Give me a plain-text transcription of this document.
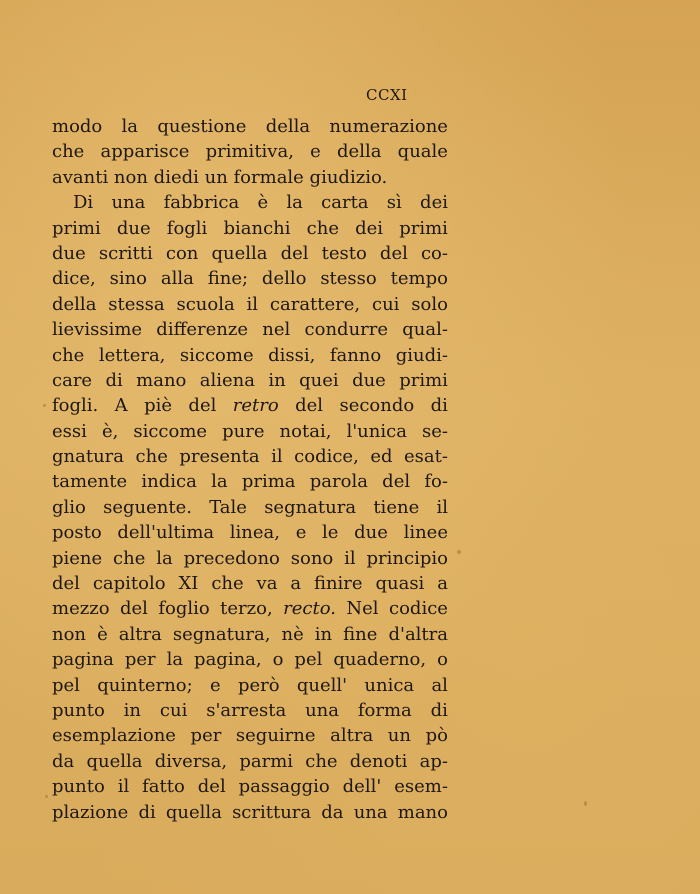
CCXI
modo la questione della numerazione
che apparisce primitiva, e della quale
avanti non diedi un formale giudizio.
Di una fabbrica è la carta sì dei
primi due fogli bianchi che dei primi
due scritti con quella del testo del co-
dice, sino alla fine; dello stesso tempo
della stessa scuola il carattere, cui solo
lievissime differenze nel condurre qual-
che lettera, siccome dissi, fanno giudi-
care di mano aliena in quei due primi
fogli. A piè del retro del secondo di
essi è, siccome pure notai, l'unica se-
gnatura che presenta il codice, ed esat-
tamente indica la prima parola del fo-
glio seguente. Tale segnatura tiene il
posto dell'ultima linea, e le due linee
piene che la precedono sono il principio
del capitolo XI che va a finire quasi a
mezzo del foglio terzo, recto. Nel codice
non è altra segnatura, nè in fine d'altra
pagina per la pagina, o pel quaderno, o
pel quinterno; e però quell' unica al
punto in cui s'arresta una forma di
esemplazione per seguirne altra un pò
da quella diversa, parmi che denoti ap-
punto il fatto del passaggio dell' esem-
plazione di quella scrittura da una mano
